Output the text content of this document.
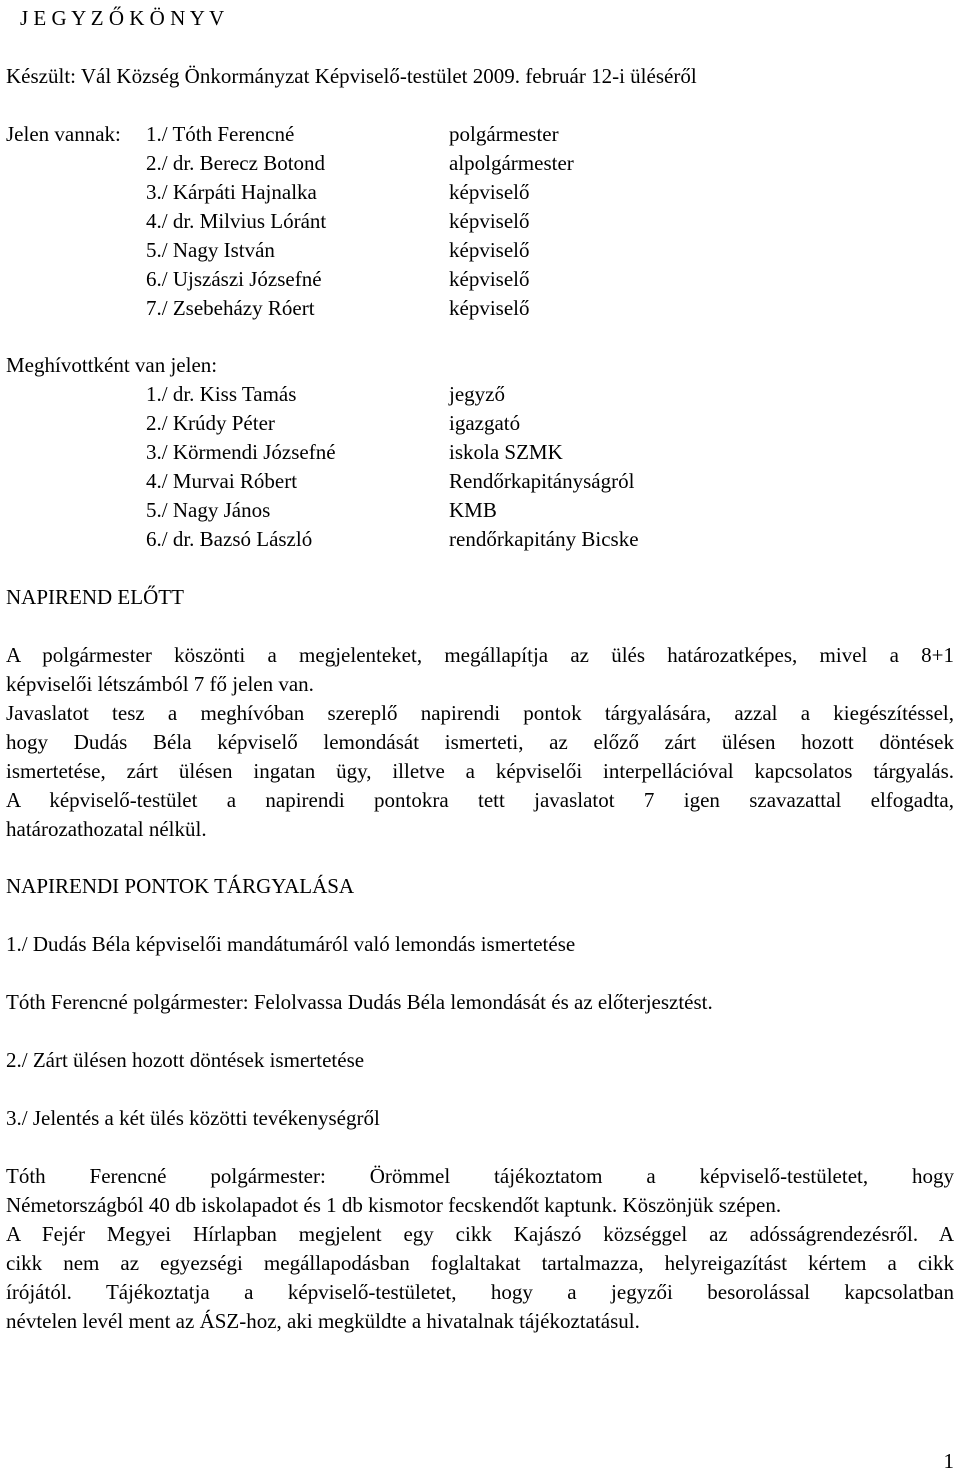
J E G Y Z Ő K Ö N Y V
Készült: Vál Község Önkormányzat Képviselő-testület 2009. február 12-i üléséről
Jelen vannak: 1./ Tóth Ferencné	polgármester
2./ dr. Berecz Botond	alpolgármester
3./ Kárpáti Hajnalka	képviselő
4./ dr. Milvius Lóránt	képviselő
5./ Nagy István	képviselő
6./ Ujszászi Józsefné	képviselő
7./ Zsebeházy Róert	képviselő
Meghívottként van jelen:
1./ dr. Kiss Tamás	jegyző
2./ Krúdy Péter	igazgató
3./ Körmendi Józsefné	iskola SZMK
4./ Murvai Róbert	Rendőrkapitányságról
5./ Nagy János	KMB
6./ dr. Bazsó László	rendőrkapitány Bicske
NAPIREND ELŐTT
A polgármester köszönti a megjelenteket, megállapítja az ülés határozatképes, mivel a 8+1
képviselői létszámból 7 fő jelen van.
Javaslatot tesz a meghívóban szereplő napirendi pontok tárgyalására, azzal a kiegészítéssel,
hogy Dudás Béla képviselő lemondását ismerteti, az előző zárt ülésen hozott döntések
ismertetése, zárt ülésen ingatan ügy, illetve a képviselői interpellációval kapcsolatos tárgyalás.
A képviselő-testület a napirendi pontokra tett javaslatot 7 igen szavazattal elfogadta,
határozathozatal nélkül.
NAPIRENDI PONTOK TÁRGYALÁSA
1./ Dudás Béla képviselői mandátumáról való lemondás ismertetése
Tóth Ferencné polgármester: Felolvassa Dudás Béla lemondását és az előterjesztést.
2./ Zárt ülésen hozott döntések ismertetése
3./ Jelentés a két ülés közötti tevékenységről
Tóth Ferencné polgármester: Örömmel tájékoztatom a képviselő-testületet, hogy
Németországból 40 db iskolapadot és 1 db kismotor fecskendőt kaptunk. Köszönjük szépen.
A Fejér Megyei Hírlapban megjelent egy cikk Kajászó községgel az adósságrendezésről. A
cikk nem az egyezségi megállapodásban foglaltakat tartalmazza, helyreigazítást kértem a cikk
írójától. Tájékoztatja a képviselő-testületet, hogy a jegyzői besorolással kapcsolatban
névtelen levél ment az ÁSZ-hoz, aki megküldte a hivatalnak tájékoztatásul.
1
